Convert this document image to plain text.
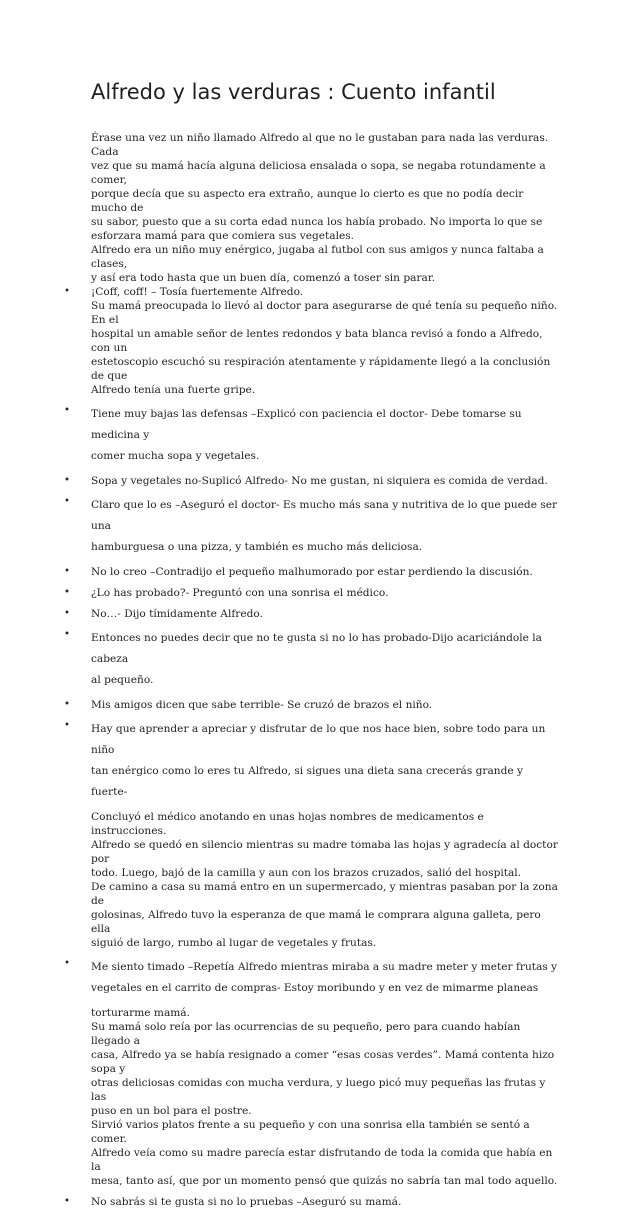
Alfredo y las verduras : Cuento infantil

Érase una vez un niño llamado Alfredo al que no le gustaban para nada las verduras. Cada
vez que su mamá hacía alguna deliciosa ensalada o sopa, se negaba rotundamente a comer,
porque decía que su aspecto era extraño, aunque lo cierto es que no podía decir mucho de
su sabor, puesto que a su corta edad nunca los había probado. No importa lo que se
esforzara mamá para que comiera sus vegetales.
Alfredo era un niño muy enérgico, jugaba al futbol con sus amigos y nunca faltaba a clases,
y así era todo hasta que un buen día, comenzó a toser sin parar.

• ¡Coff, coff! – Tosía fuertemente Alfredo.
Su mamá preocupada lo llevó al doctor para asegurarse de qué tenía su pequeño niño. En el
hospital un amable señor de lentes redondos y bata blanca revisó a fondo a Alfredo, con un
estetoscopio escuchó su respiración atentamente y rápidamente llegó a la conclusión de que
Alfredo tenía una fuerte gripe.
• Tiene muy bajas las defensas –Explicó con paciencia el doctor- Debe tomarse su medicina y
comer mucha sopa y vegetales.
• Sopa y vegetales no-Suplicó Alfredo- No me gustan, ni siquiera es comida de verdad.
• Claro que lo es –Aseguró el doctor- Es mucho más sana y nutritiva de lo que puede ser una
hamburguesa o una pizza, y también es mucho más deliciosa.
• No lo creo –Contradijo el pequeño malhumorado por estar perdiendo la discusión.
• ¿Lo has probado?- Preguntó con una sonrisa el médico.
• No…- Dijo tímidamente Alfredo.
• Entonces no puedes decir que no te gusta si no lo has probado-Dijo acariciándole la cabeza
al pequeño.
• Mis amigos dicen que sabe terrible- Se cruzó de brazos el niño.
• Hay que aprender a apreciar y disfrutar de lo que nos hace bien, sobre todo para un niño
tan enérgico como lo eres tu Alfredo, si sigues una dieta sana crecerás grande y fuerte-

Concluyó el médico anotando en unas hojas nombres de medicamentos e instrucciones.
Alfredo se quedó en silencio mientras su madre tomaba las hojas y agradecía al doctor por
todo. Luego, bajó de la camilla y aun con los brazos cruzados, salió del hospital.
De camino a casa su mamá entro en un supermercado, y mientras pasaban por la zona de
golosinas, Alfredo tuvo la esperanza de que mamá le comprara alguna galleta, pero ella
siguió de largo, rumbo al lugar de vegetales y frutas.

• Me siento timado –Repetía Alfredo mientras miraba a su madre meter y meter frutas y
vegetales en el carrito de compras- Estoy moribundo y en vez de mimarme planeas

torturarme mamá.
Su mamá solo reía por las ocurrencias de su pequeño, pero para cuando habían llegado a
casa, Alfredo ya se había resignado a comer “esas cosas verdes”. Mamá contenta hizo sopa y
otras deliciosas comidas con mucha verdura, y luego picó muy pequeñas las frutas y las
puso en un bol para el postre.
Sirvió varios platos frente a su pequeño y con una sonrisa ella también se sentó a comer.
Alfredo veía como su madre parecía estar disfrutando de toda la comida que había en la
mesa, tanto así, que por un momento pensó que quizás no sabría tan mal todo aquello.

• No sabrás si te gusta si no lo pruebas –Aseguró su mamá.
